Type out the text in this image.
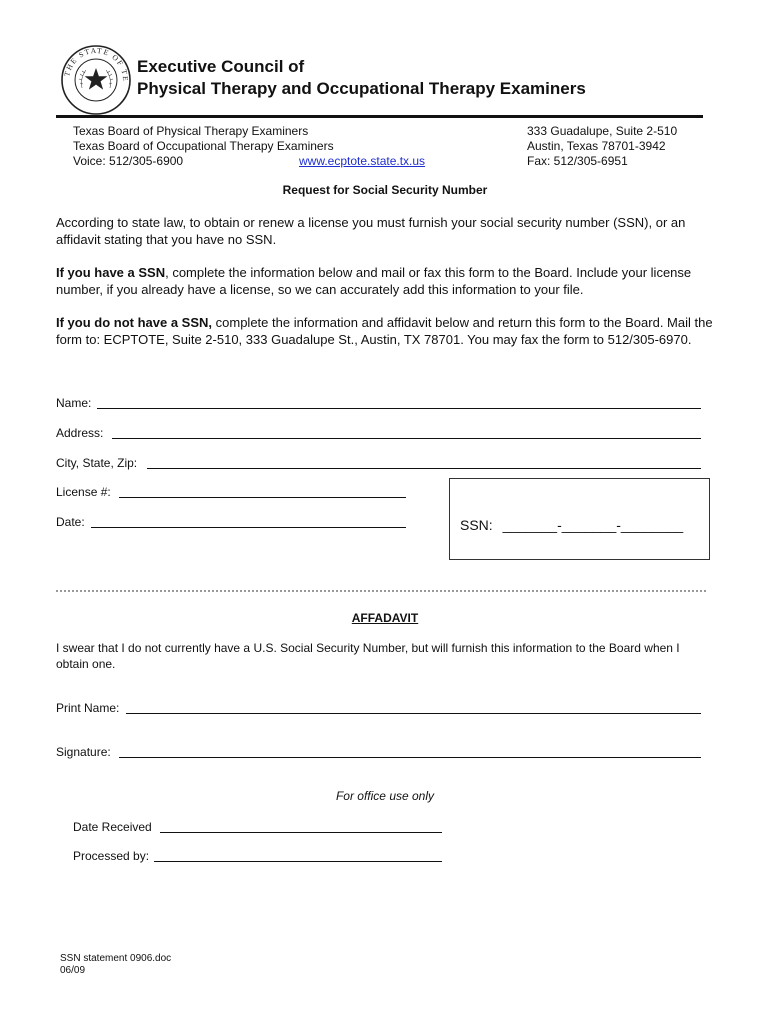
THE STATE OF TE
Executive Council of
Physical Therapy and Occupational Therapy Examiners
Texas Board of Physical Therapy Examiners
Texas Board of Occupational Therapy Examiners
Voice: 512/305-6900	www.ecptote.state.tx.us
333 Guadalupe, Suite 2-510
Austin, Texas 78701-3942
Fax: 512/305-6951
Request for Social Security Number
According to state law, to obtain or renew a license you must furnish your social security number (SSN), or an affidavit stating that you have no SSN.
If you have a SSN, complete the information below and mail or fax this form to the Board. Include your license number, if you already have a license, so we can accurately add this information to your file.
If you do not have a SSN, complete the information and affidavit below and return this form to the Board. Mail the form to: ECPTOTE, Suite 2-510, 333 Guadalupe St., Austin, TX 78701. You may fax the form to 512/305-6970.
Name:
Address:
City, State, Zip:
License #:
Date:	SSN: _______-_______-________
AFFADAVIT
I swear that I do not currently have a U.S. Social Security Number, but will furnish this information to the Board when I obtain one.
Print Name:
Signature:
For office use only
Date Received
Processed by:
SSN statement 0906.doc
06/09
